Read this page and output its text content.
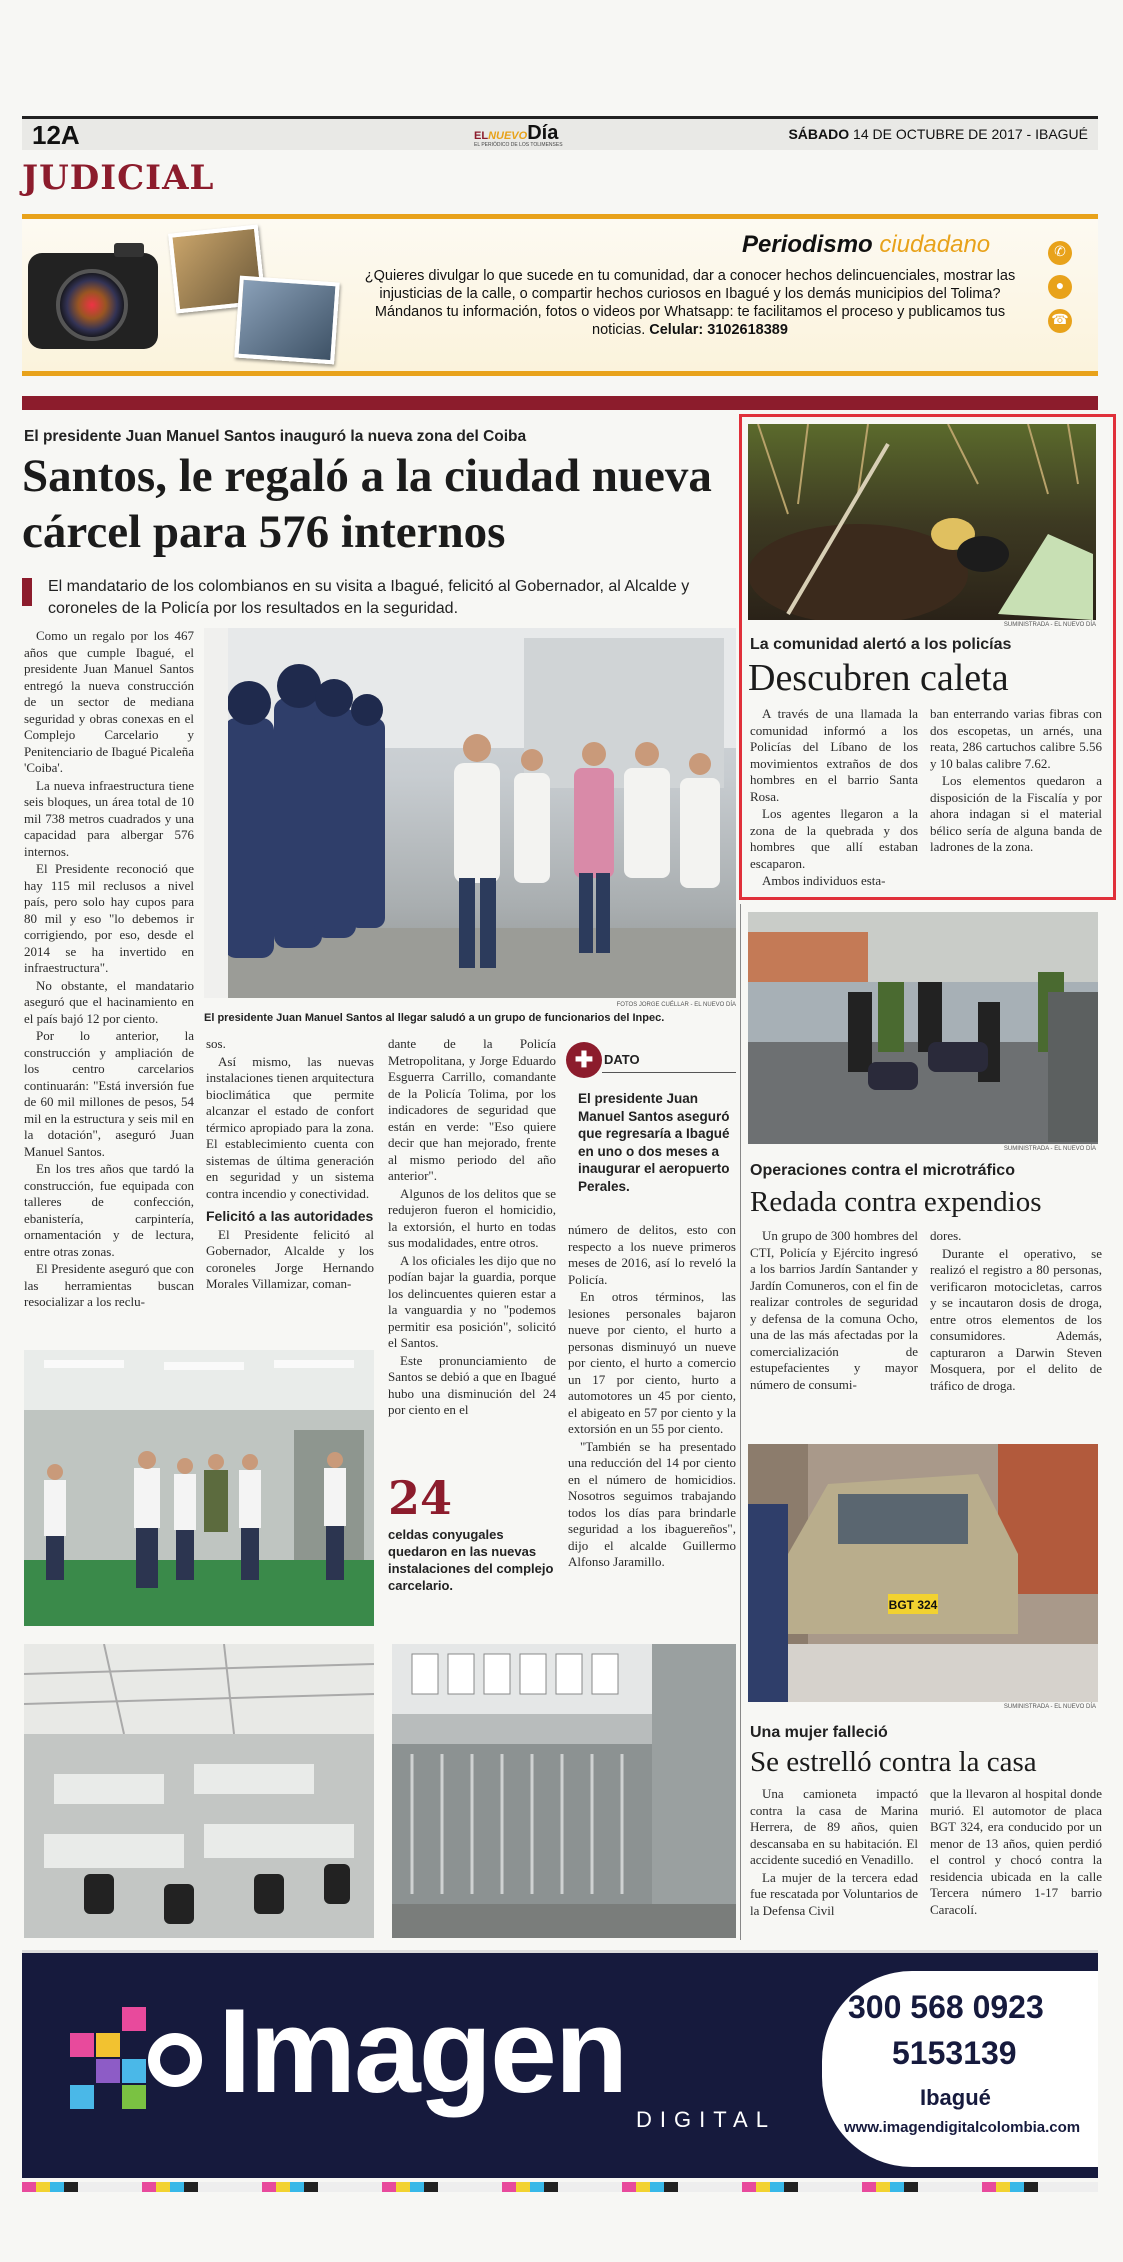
12A	ELNUEVODía
EL PERIÓDICO DE LOS TOLIMENSES
SÁBADO 14 DE OCTUBRE DE 2017 - IBAGUÉ
JUDICIAL
Periodismo ciudadano
¿Quieres divulgar lo que sucede en tu comunidad, dar a conocer hechos delincuenciales, mostrar las injusticias de la calle, o compartir hechos curiosos en Ibagué y los demás municipios del Tolima? Mándanos tu información, fotos o videos por Whatsapp: te facilitamos el proceso y publicamos tus noticias. Celular: 3102618389
✆
●
☎
El presidente Juan Manuel Santos inauguró la nueva zona del Coiba
Santos, le regaló a la ciudad nueva cárcel para 576 internos
El mandatario de los colombianos en su visita a Ibagué, felicitó al Gobernador, al Alcalde y coroneles de la Policía por los resultados en la seguridad.

Como un regalo por los 467 años que cumple Ibagué, el presidente Juan Manuel Santos entregó la nueva construcción de un sector de mediana seguridad y obras conexas en el Complejo Carcelario y Penitenciario de Ibagué Picaleña 'Coiba'.

La nueva infraestructura tiene seis bloques, un área total de 10 mil 738 metros cuadrados y una capacidad para albergar 576 internos.

El Presidente reconoció que hay 115 mil reclusos a nivel país, pero solo hay cupos para 80 mil y eso "lo debemos ir corrigiendo, por eso, desde el 2014 se ha invertido en infraestructura".

No obstante, el mandatario aseguró que el hacinamiento en el país bajó 12 por ciento.

Por lo anterior, la construcción y ampliación de los centro carcelarios continuarán: "Está inversión fue de 60 mil millones de pesos, 54 mil en la estructura y seis mil en la dotación", aseguró Juan Manuel Santos.

En los tres años que tardó la construcción, fue equipada con talleres de confección, ebanistería, carpintería, ornamentación y de lectura, entre otras zonas.

El Presidente aseguró que con las herramientas buscan resocializar a los reclu-

FOTOS JORGE CUÉLLAR - EL NUEVO DÍA
El presidente Juan Manuel Santos al llegar saludó a un grupo de funcionarios del Inpec.

sos.

Así mismo, las nuevas instalaciones tienen arquitectura bioclimática que permite alcanzar el estado de confort térmico apropiado para la zona. El establecimiento cuenta con sistemas de última generación en seguridad y un sistema contra incendio y conectividad.

Felicitó a las autoridades

El Presidente felicitó al Gobernador, Alcalde y los coroneles Jorge Hernando Morales Villamizar, coman-

dante de la Policía Metropolitana, y Jorge Eduardo Esguerra Carrillo, comandante de la Policía Tolima, por los indicadores de seguridad que están en verde: "Eso quiere decir que han mejorado, frente al mismo periodo del año anterior".

Algunos de los delitos que se redujeron fueron el homicidio, la extorsión, el hurto en todas sus modalidades, entre otros.

A los oficiales les dijo que no podían bajar la guardia, porque los delincuentes quieren estar a la vanguardia y no "podemos permitir esa posición", solicitó el Santos.

Este pronunciamiento de Santos se debió a que en Ibagué hubo una disminución del 24 por ciento en el

✚ DATO
El presidente Juan Manuel Santos aseguró que regresaría a Ibagué en uno o dos meses a inaugurar el aeropuerto Perales.

número de delitos, esto con respecto a los nueve primeros meses de 2016, así lo reveló la Policía.

En otros términos, las lesiones personales bajaron nueve por ciento, el hurto a personas disminuyó un nueve por ciento, el hurto a comercio un 17 por ciento, hurto a automotores un 45 por ciento, el abigeato en 57 por ciento y la extorsión en un 55 por ciento.

"También se ha presentado una reducción del 14 por ciento en el número de homicidios. Nosotros seguimos trabajando todos los días para brindarle seguridad a los ibaguereños", dijo el alcalde Guillermo Alfonso Jaramillo.

24
celdas conyugales quedaron en las nuevas instalaciones del complejo carcelario.
SUMINISTRADA - EL NUEVO DÍA
La comunidad alertó a los policías
Descubren caleta

A través de una llamada la comunidad informó a los Policías del Líbano de los movimientos extraños de dos hombres en el barrio Santa Rosa.

Los agentes llegaron a la zona de la quebrada y dos hombres que allí estaban escaparon.

Ambos individuos esta-

ban enterrando varias fibras con dos escopetas, un arnés, una reata, 286 cartuchos calibre 5.56 y 10 balas calibre 7.62.

Los elementos quedaron a disposición de la Fiscalía y por ahora indagan si el material bélico sería de alguna banda de ladrones de la zona.

SUMINISTRADA - EL NUEVO DÍA
Operaciones contra el microtráfico
Redada contra expendios

Un grupo de 300 hombres del CTI, Policía y Ejército ingresó a los barrios Jardín Santander y Jardín Comuneros, con el fin de realizar controles de seguridad y defensa de la comuna Ocho, una de las más afectadas por la comercialización de estupefacientes y mayor número de consumi-

dores.

Durante el operativo, se realizó el registro a 80 personas, verificaron motocicletas, carros y se incautaron dosis de droga, entre otros elementos de los consumidores. Además, capturaron a Darwin Steven Mosquera, por el delito de tráfico de droga.

BGT 324
SUMINISTRADA - EL NUEVO DÍA
Una mujer falleció
Se estrelló contra la casa

Una camioneta impactó contra la casa de Marina Herrera, de 89 años, quien descansaba en su habitación. El accidente sucedió en Venadillo.

La mujer de la tercera edad fue rescatada por Voluntarios de la Defensa Civil

que la llevaron al hospital donde murió. El automotor de placa BGT 324, era conducido por un menor de 13 años, quien perdió el control y chocó contra la residencia ubicada en la calle Tercera número 1-17 barrio Caracolí.

Imagen
DIGITAL
300 568 0923
5153139
Ibagué
www.imagendigitalcolombia.com
